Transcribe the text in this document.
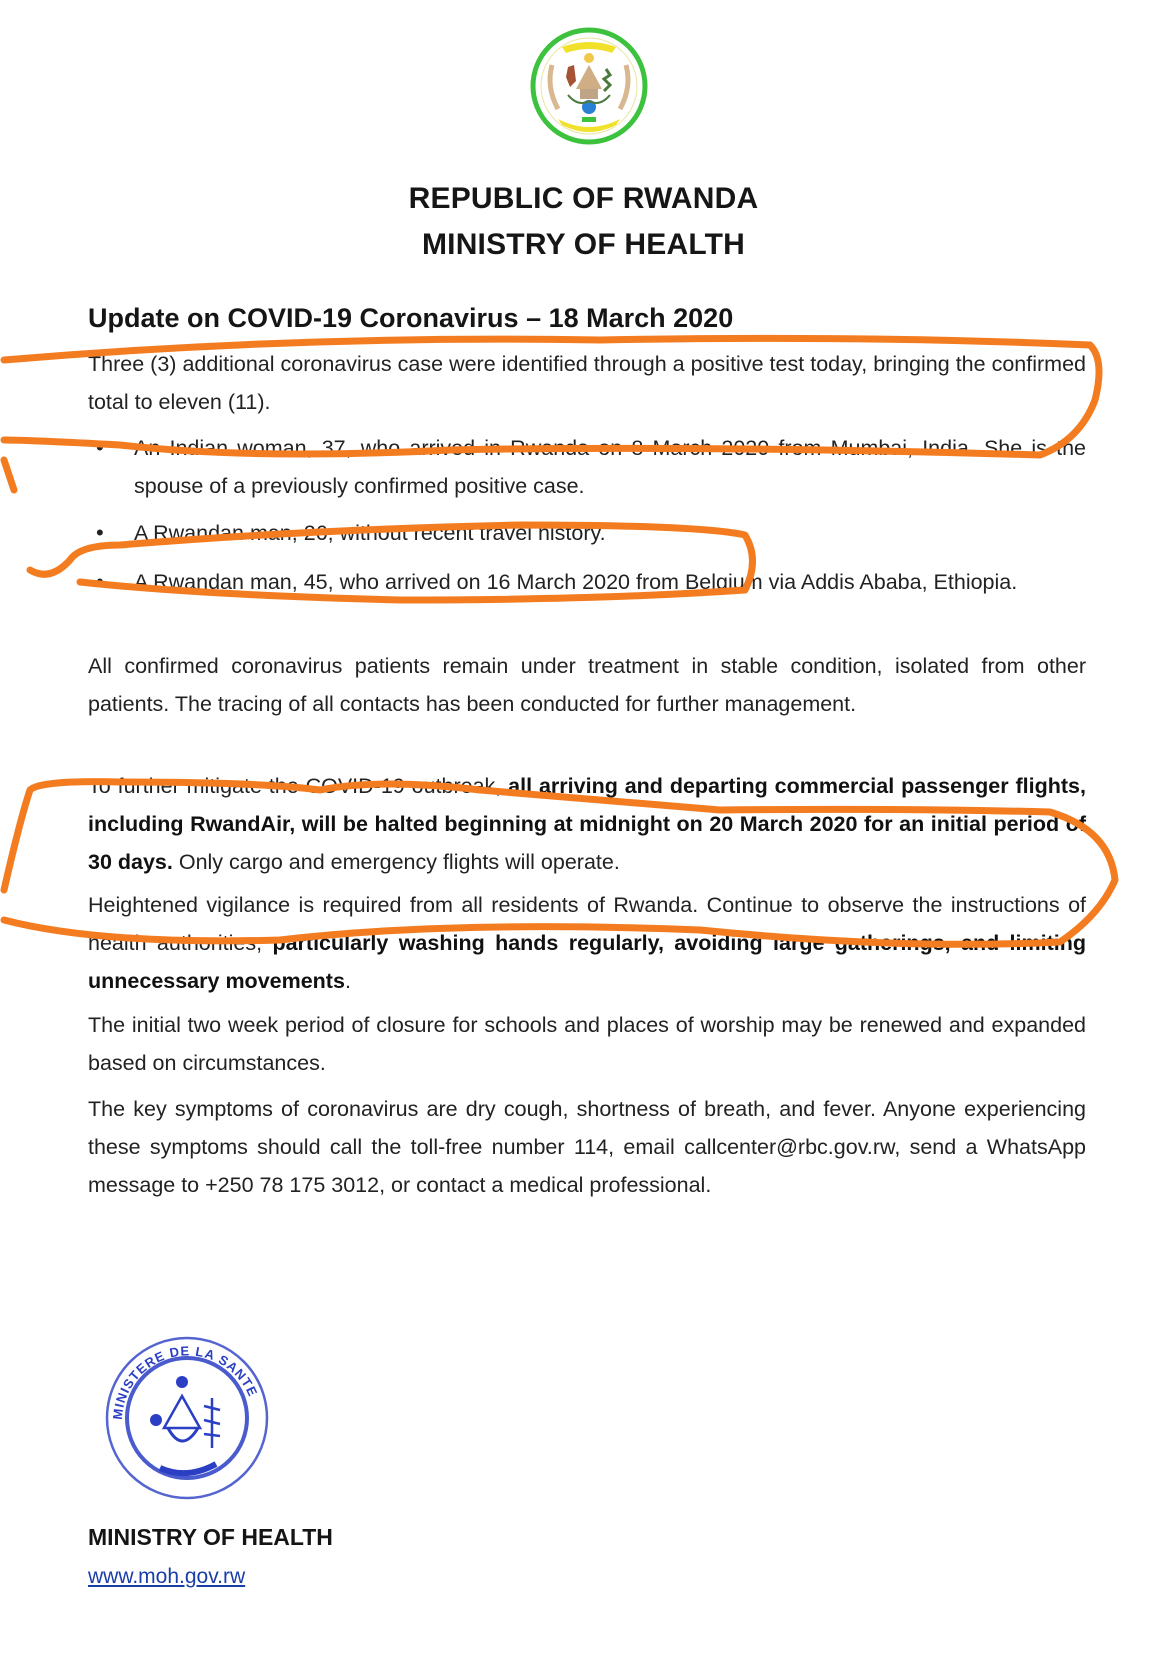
REPUBLIC OF RWANDA
MINISTRY OF HEALTH
Update on COVID-19 Coronavirus – 18 March 2020
Three (3) additional coronavirus case were identified through a positive test today, bringing the confirmed total to eleven (11).
•	An Indian woman, 37, who arrived in Rwanda on 8 March 2020 from Mumbai, India. She is the spouse of a previously confirmed positive case.
•	A Rwandan man, 26, without recent travel history.
•	A Rwandan man, 45, who arrived on 16 March 2020 from Belgium via Addis Ababa, Ethiopia.
All confirmed coronavirus patients remain under treatment in stable condition, isolated from other patients. The tracing of all contacts has been conducted for further management.
To further mitigate the COVID-19 outbreak, all arriving and departing commercial passenger flights, including RwandAir, will be halted beginning at midnight on 20 March 2020 for an initial period of 30 days. Only cargo and emergency flights will operate.
Heightened vigilance is required from all residents of Rwanda. Continue to observe the instructions of health authorities, particularly washing hands regularly, avoiding large gatherings, and limiting unnecessary movements.
The initial two week period of closure for schools and places of worship may be renewed and expanded based on circumstances.
The key symptoms of coronavirus are dry cough, shortness of breath, and fever. Anyone experiencing these symptoms should call the toll-free number 114, email callcenter@rbc.gov.rw, send a WhatsApp message to +250 78 175 3012, or contact a medical professional.
MINISTERE DE LA SANTE
MINISTRY OF HEALTH
www.moh.gov.rw
